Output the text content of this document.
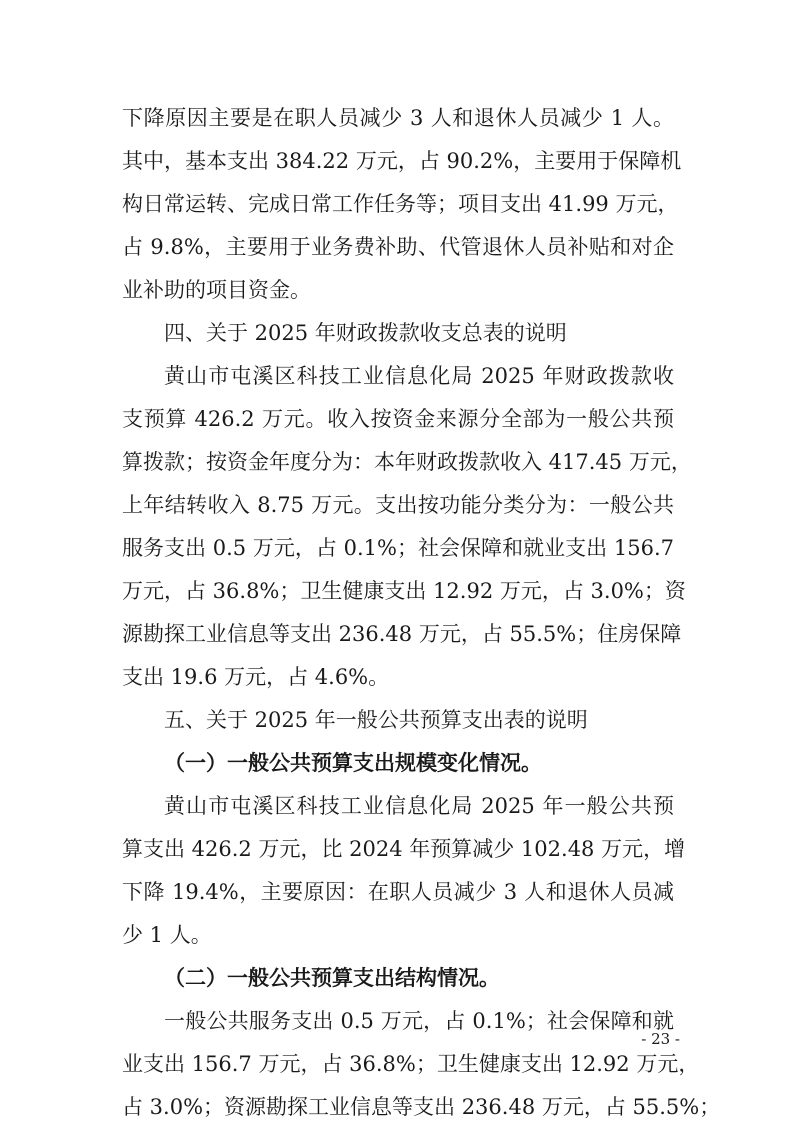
下降原因主要是在职人员减少 3 人和退休人员减少 1 人。
其中，基本支出 384.22 万元，占 90.2%，主要用于保障机
构日常运转、完成日常工作任务等；项目支出 41.99 万元，
占 9.8%，主要用于业务费补助、代管退休人员补贴和对企
业补助的项目资金。
四、关于 2025 年财政拨款收支总表的说明
黄山市屯溪区科技工业信息化局 2025 年财政拨款收
支预算 426.2 万元。收入按资金来源分全部为一般公共预
算拨款；按资金年度分为：本年财政拨款收入 417.45 万元，
上年结转收入 8.75 万元。支出按功能分类分为：一般公共
服务支出 0.5 万元，占 0.1%；社会保障和就业支出 156.7
万元，占 36.8%；卫生健康支出 12.92 万元，占 3.0%；资
源勘探工业信息等支出 236.48 万元，占 55.5%；住房保障
支出 19.6 万元，占 4.6%。
五、关于 2025 年一般公共预算支出表的说明
（一）一般公共预算支出规模变化情况。
黄山市屯溪区科技工业信息化局 2025 年一般公共预
算支出 426.2 万元，比 2024 年预算减少 102.48 万元，增
下降 19.4%，主要原因：在职人员减少 3 人和退休人员减
少 1 人。
（二）一般公共预算支出结构情况。
一般公共服务支出 0.5 万元，占 0.1%；社会保障和就
业支出 156.7 万元，占 36.8%；卫生健康支出 12.92 万元，
占 3.0%；资源勘探工业信息等支出 236.48 万元，占 55.5%；
- 23 -
